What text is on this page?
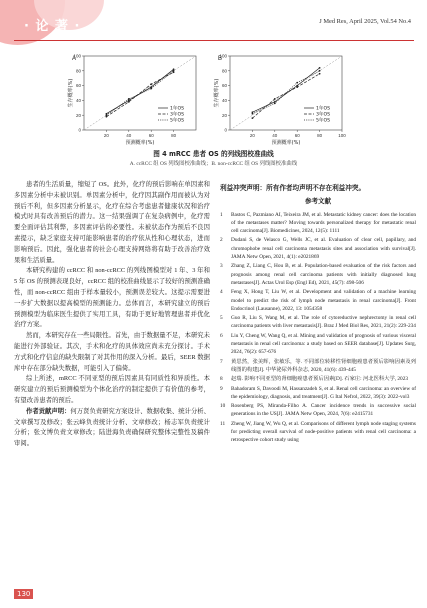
· 论 著 ·	J Med Res, April 2025, Vol.54 No.4
A
0
20
40
60
80
100
20	40	60	80
预测概率(%)
生存概率(%)
1年OS
3年OS
5年OS
B
0
20
40
60
80
100
20	40	60	80	100
预测概率(%)
生存概率(%)
1年OS
3年OS
5年OS
图 4 mRCC 患者 OS 的列线图校准曲线
A. ccRCC 组 OS 列线图校准曲线；B. non-ccRCC 组 OS 列线图校准曲线

患者的生活质量，缩短了 OS。此外，化疗的预后影响在单因素和多因素分析中未被识别。单因素分析中，化疗因其副作用而被认为对预后不利，但多因素分析显示，化疗在综合考虑患者健康状况和治疗模式时具有改善预后的潜力。这一结果强调了在复杂病例中，化疗需要全面评估其利弊，多因素评估的必要性。未被状态作为预后不良因素提示，缺乏家庭支持可能影响患者的治疗依从性和心理状态，进而影响预后。因此，强化患者的社会心理支持网络将有助于改善治疗效果和生活质量。

本研究构建的 ccRCC 和 non-ccRCC 的列线图模型对 1 年、3 年和 5 年 OS 的预测表现良好，ccRCC 组的校准曲线显示了较好的预测准确性，而 non-ccRCC 组由于样本量较小，预测误差较大。这提示需要进一步扩大数据以提高模型的预测能力。总体而言，本研究建立的预后预测模型为临床医生提供了实用工具，有助于更好地管理患者并优化治疗方案。

然而，本研究存在一些局限性。首先，由于数据量不足，本研究未能进行外部验证。其次，手术和化疗的具体效应尚未充分探讨。手术方式和化疗信息的缺失限制了对其作用的深入分析。最后，SEER 数据库中存在部分缺失数据，可能引入了偏倚。

综上所述，mRCC 不同亚型的预后因素具有同质性和异质性。本研究建立的预后预测模型为个体化治疗的制定提供了有价值的参考，有望改善患者的预后。

作者贡献声明：何万贤负责研究方案设计、数据收集、统计分析、文章撰写及修改；张云峰负责统计分析、文章修改；杨志军负责统计分析；张文博负责文章修改；陆进海负责确保研究整体完整性及稿件审阅。

利益冲突声明：所有作者均声明不存在利益冲突。

参考文献

1	Bastos C, Pazmiano AI, Teixeira JM, et al. Metastatic kidney cancer: does the location of the metastases matter? Moving towards personalized therapy for metastatic renal cell carcinoma[J]. Biomedicines, 2024, 12(5): 1111
2	Dudani S, de Velasco G, Wells JC, et al. Evaluation of clear cell, papillary, and chromophobe renal cell carcinoma metastasis sites and association with survival[J]. JAMA Netw Open, 2021, 4(1): e2021869
3	Zhang Z, Liang C, Hou B, et al. Population-based evaluation of the risk factors and prognosis among renal cell carcinoma patients with initially diagnosed lung metastases[J]. Actas Urol Esp (Engl Ed), 2021, 45(7): 498-506
4	Feng X, Hong T, Liu W, et al. Development and validation of a machine learning model to predict the risk of lymph node metastasis in renal carcinoma[J]. Front Endocrinol (Lausanne), 2022, 13: 1054358
5	Guo R, Liu S, Wang M, et al. The role of cytoreductive nephrectomy in renal cell carcinoma patients with liver metastasis[J]. Braz J Med Biol Res, 2021, 21(2): 229-234
6	Liu Y, Cheng W, Wang Q, et al. Mining and validation of prognosis of various visceral metastasis in renal cell carcinoma: a study based on SEER database[J]. Updates Surg, 2024, 76(2): 657-676
7	黄思然，张美辉，张敏乐，等. 不同部位转移性肾细胞癌患者预后影响因素及列线图的构建[J]. 中华泌尿外科杂志, 2020, 41(6): 439-445
8	赵瑞. 影响不同亚型的肾细胞癌患者预后因素[D]. 石家庄: 河北医科大学, 2023
9	Bahadoram S, Davoodi M, Hassanzadeh S, et al. Renal cell carcinoma: an overview of the epidemiology, diagnosis, and treatment[J]. G Ital Nefrol, 2022, 39(3): 2022-vol3
10	Rosenberg PS, Miranda-Filho A. Cancer incidence trends in successive social generations in the US[J]. JAMA Netw Open, 2024, 7(6): e2415731
11	Zheng W, Jiang W, Wu Q, et al. Comparisons of different lymph node staging systems for predicting overall survival of node-positive patients with renal cell carcinoma: a retrospective cohort study using
130
